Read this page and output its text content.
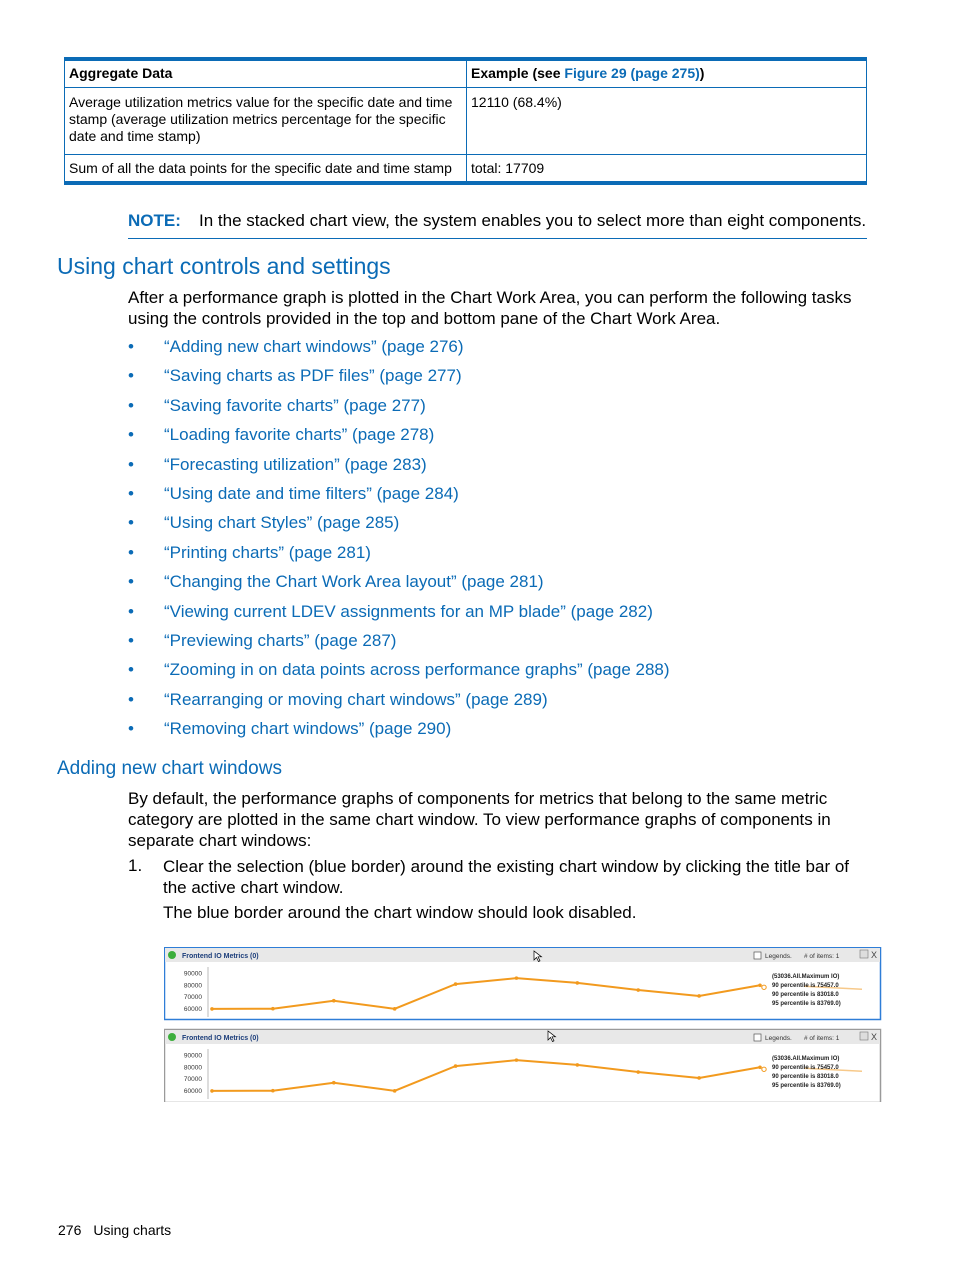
Aggregate Data	Example (see Figure 29 (page 275))
Average utilization metrics value for the specific date and time stamp (average utilization metrics percentage for the specific date and time stamp)	12110 (68.4%)
Sum of all the data points for the specific date and time stamp	total: 17709
NOTE: In the stacked chart view, the system enables you to select more than eight components.
Using chart controls and settings

After a performance graph is plotted in the Chart Work Area, you can perform the following tasks using the controls provided in the top and bottom pane of the Chart Work Area.

• “Adding new chart windows” (page 276)
• “Saving charts as PDF files” (page 277)
• “Saving favorite charts” (page 277)
• “Loading favorite charts” (page 278)
• “Forecasting utilization” (page 283)
• “Using date and time filters” (page 284)
• “Using chart Styles” (page 285)
• “Printing charts” (page 281)
• “Changing the Chart Work Area layout” (page 281)
• “Viewing current LDEV assignments for an MP blade” (page 282)
• “Previewing charts” (page 287)
• “Zooming in on data points across performance graphs” (page 288)
• “Rearranging or moving chart windows” (page 289)
• “Removing chart windows” (page 290)
Adding new chart windows

By default, the performance graphs of components for metrics that belong to the same metric category are plotted in the same chart window. To view performance graphs of components in separate chart windows:

1. Clear the selection (blue border) around the existing chart window by clicking the title bar of the active chart window.

The blue border around the chart window should look disabled.

Frontend IO Metrics (0)	Legends. # of items: 1	X
90000
80000
70000
60000
(53036.All.Maximum IO)
90 percentile is 75457.0
90 percentile is 83018.0
95 percentile is 83769.0)
Frontend IO Metrics (0)	Legends. # of items: 1	X
90000
80000
70000
60000
(53036.All.Maximum IO)
90 percentile is 75457.0
90 percentile is 83018.0
95 percentile is 83769.0)
276 Using charts
